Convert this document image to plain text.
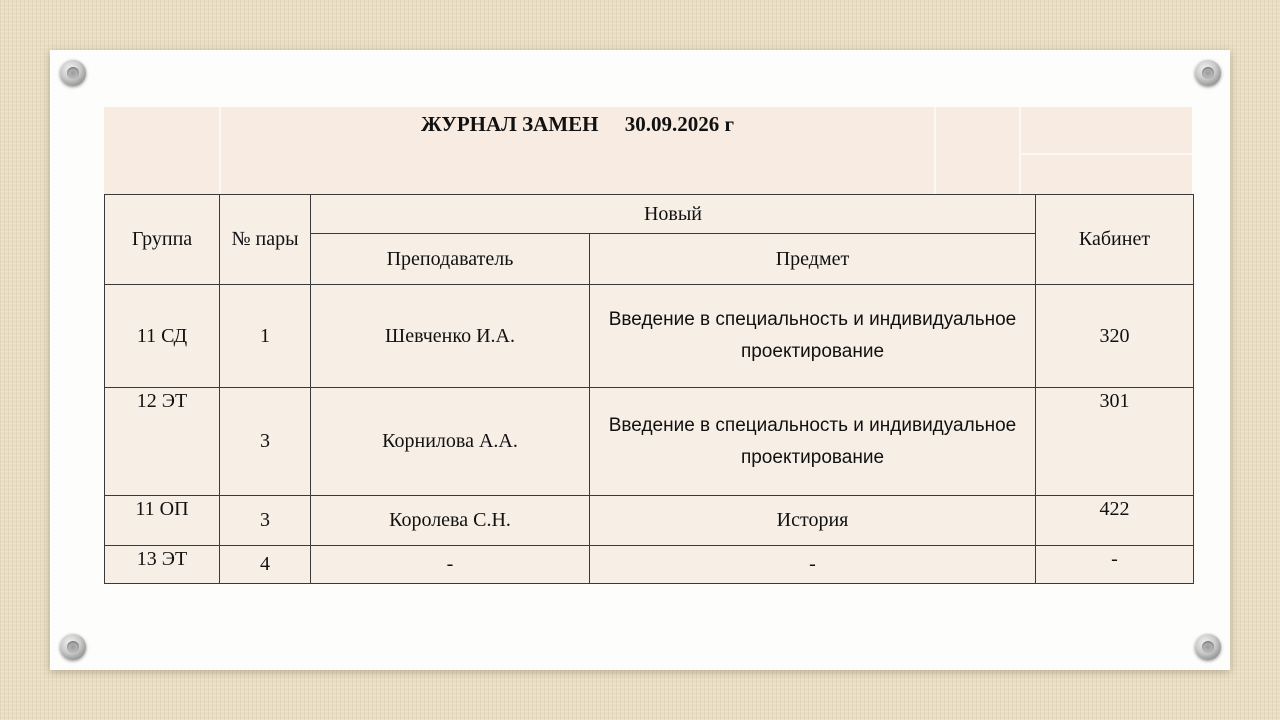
ЖУРНАЛ ЗАМЕН     30.09.2026 г
Группа	№ пары	Новый		Кабинет
		Преподаватель	Предмет	
11 СД	1	Шевченко И.А.	Введение в специальность и индивидуальное проектирование	320
12 ЭТ	3	Корнилова А.А.	Введение в специальность и индивидуальное проектирование	301
11 ОП	3	Королева С.Н.	История	422
13 ЭТ	4	-	-	-
